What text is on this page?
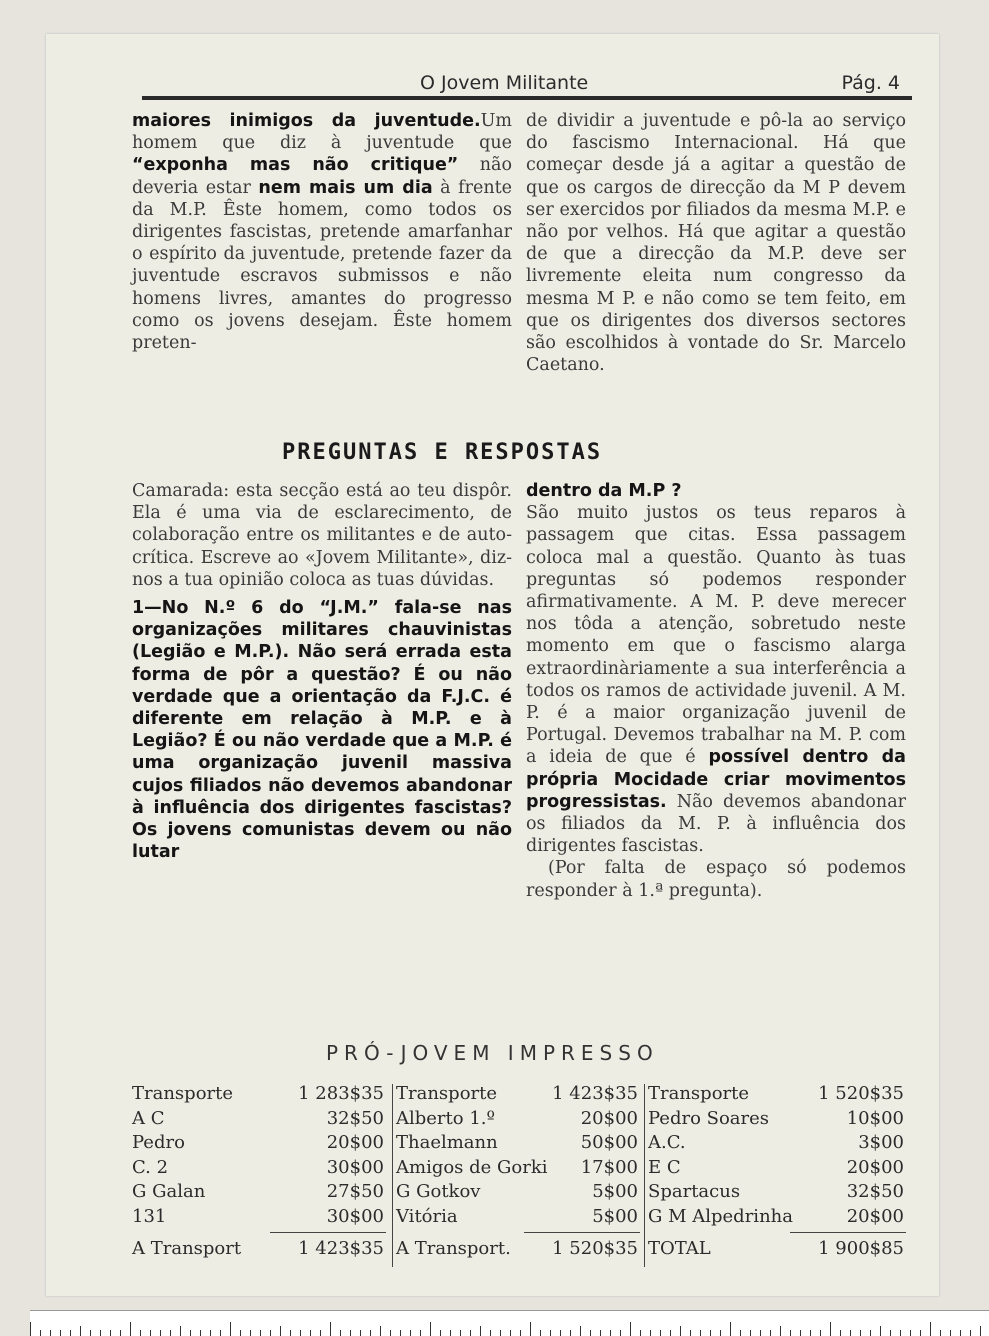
O Jovem Militante	Pág. 4

maiores inimigos da juventude.Um homem que diz à juventude que “exponha mas não critique” não deveria estar nem mais um dia à frente da M.P. Êste homem, como todos os dirigentes fascistas, pretende amarfanhar o espírito da juventude, pretende fazer da juventude escravos submissos e não homens livres, amantes do progresso como os jovens desejam. Êste homem preten-

de dividir a juventude e pô-la ao serviço do fascismo Internacional. Há que começar desde já a agitar a questão de que os cargos de direcção da M P devem ser exercidos por filiados da mesma M.P. e não por velhos. Há que agitar a questão de que a direcção da M.P. deve ser livremente eleita num congresso da mesma M P. e não como se tem feito, em que os dirigentes dos diversos sectores são escolhidos à vontade do Sr. Marcelo Caetano.

PREGUNTAS E RESPOSTAS

Camarada: esta secção está ao teu dispôr. Ela é uma via de esclarecimento, de colaboração entre os militantes e de auto-crítica. Escreve ao «Jovem Militante», diz-nos a tua opinião coloca as tuas dúvidas.

1—No N.º 6 do “J.M.” fala-se nas organizações militares chauvinistas (Legião e M.P.). Não será errada esta forma de pôr a questão? É ou não verdade que a orientação da F.J.C. é diferente em relação à M.P. e à Legião? É ou não verdade que a M.P. é uma organização juvenil massiva cujos filiados não devemos abandonar à influência dos dirigentes fascistas? Os jovens comunistas devem ou não lutar

dentro da M.P ?
São muito justos os teus reparos à passagem que citas. Essa passagem coloca mal a questão. Quanto às tuas preguntas só podemos responder afirmativamente. A M. P. deve merecer nos tôda a atenção, sobretudo neste momento em que o fascismo alarga extraordinàriamente a sua interferência a todos os ramos de actividade juvenil. A M. P. é a maior organização juvenil de Portugal. Devemos trabalhar na M. P. com a ideia de que é possível dentro da própria Mocidade criar movimentos progressistas. Não devemos abandonar os filiados da M. P. à influência dos dirigentes fascistas.

(Por falta de espaço só podemos responder à 1.ª pregunta).

PRÓ-JOVEM IMPRESSO
Transporte	1 283$35
A C	32$50
Pedro	20$00
C. 2	30$00
G Galan	27$50
131	30$00
A Transport	1 423$35
Transporte	1 423$35
Alberto 1.º	20$00
Thaelmann	50$00
Amigos de Gorki 17$00
G Gotkov	5$00
Vitória	5$00
A Transport. 1 520$35
Transporte	1 520$35
Pedro Soares	10$00
A.C.	3$00
E C	20$00
Spartacus	32$50
G M Alpedrinha	20$00
TOTAL	1 900$85
